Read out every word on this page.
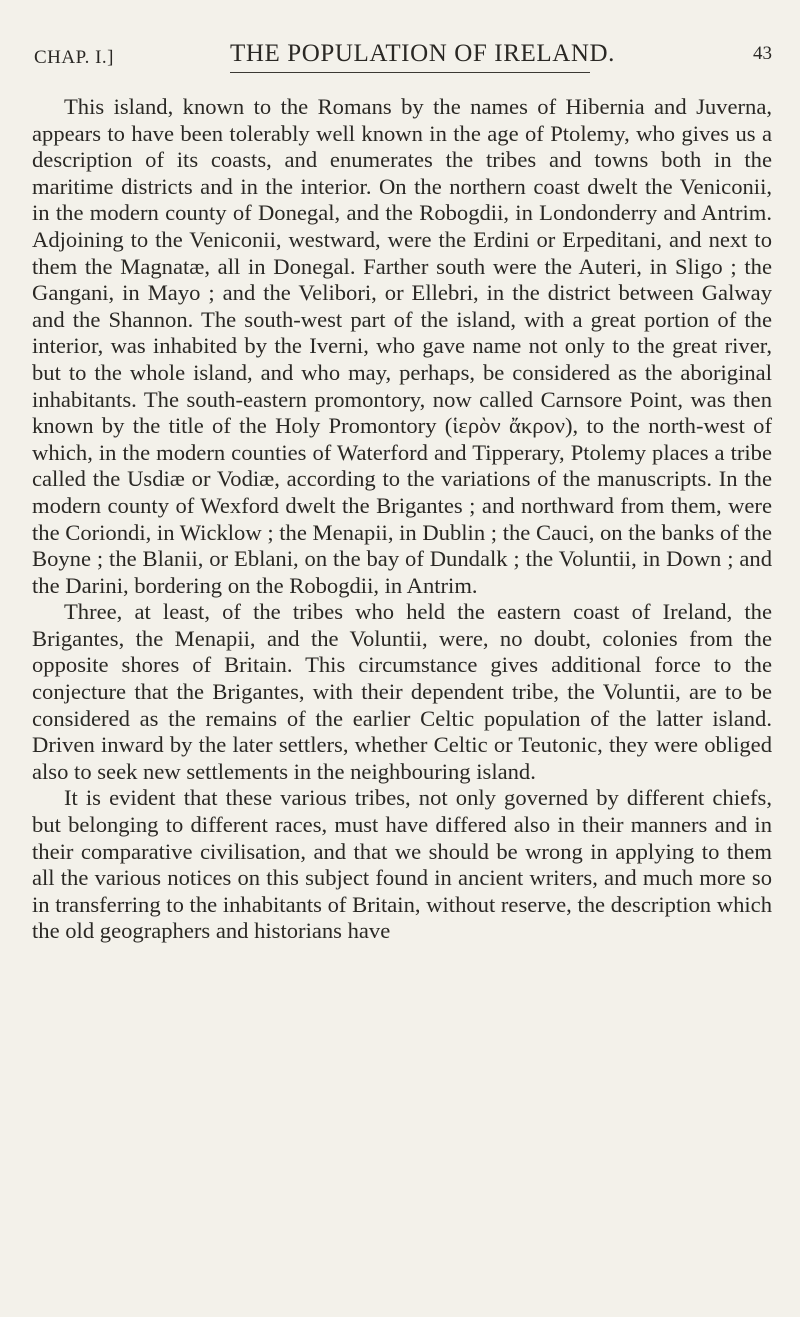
CHAP. I.]	THE POPULATION OF IRELAND.	43

This island, known to the Romans by the names of Hibernia and Juverna, appears to have been tolerably well known in the age of Ptolemy, who gives us a description of its coasts, and enumerates the tribes and towns both in the maritime districts and in the interior. On the northern coast dwelt the Veniconii, in the modern county of Donegal, and the Robogdii, in Londonderry and Antrim. Adjoining to the Veniconii, westward, were the Erdini or Erpeditani, and next to them the Magnatæ, all in Donegal. Farther south were the Auteri, in Sligo ; the Gangani, in Mayo ; and the Velibori, or Ellebri, in the district between Galway and the Shannon. The south-west part of the island, with a great portion of the interior, was inhabited by the Iverni, who gave name not only to the great river, but to the whole island, and who may, perhaps, be considered as the aboriginal inhabitants. The south-eastern promontory, now called Carnsore Point, was then known by the title of the Holy Promontory (ἱερὸν ἄκρον), to the north-west of which, in the modern counties of Waterford and Tipperary, Ptolemy places a tribe called the Usdiæ or Vodiæ, according to the variations of the manuscripts. In the modern county of Wexford dwelt the Brigantes ; and northward from them, were the Coriondi, in Wicklow ; the Menapii, in Dublin ; the Cauci, on the banks of the Boyne ; the Blanii, or Eblani, on the bay of Dundalk ; the Voluntii, in Down ; and the Darini, bordering on the Robogdii, in Antrim.

Three, at least, of the tribes who held the eastern coast of Ireland, the Brigantes, the Menapii, and the Voluntii, were, no doubt, colonies from the opposite shores of Britain. This circumstance gives additional force to the conjecture that the Brigantes, with their dependent tribe, the Voluntii, are to be considered as the remains of the earlier Celtic population of the latter island. Driven inward by the later settlers, whether Celtic or Teutonic, they were obliged also to seek new settlements in the neighbouring island.

It is evident that these various tribes, not only governed by different chiefs, but belonging to different races, must have differed also in their manners and in their comparative civilisation, and that we should be wrong in applying to them all the various notices on this subject found in ancient writers, and much more so in transferring to the inhabitants of Britain, without reserve, the description which the old geographers and historians have
